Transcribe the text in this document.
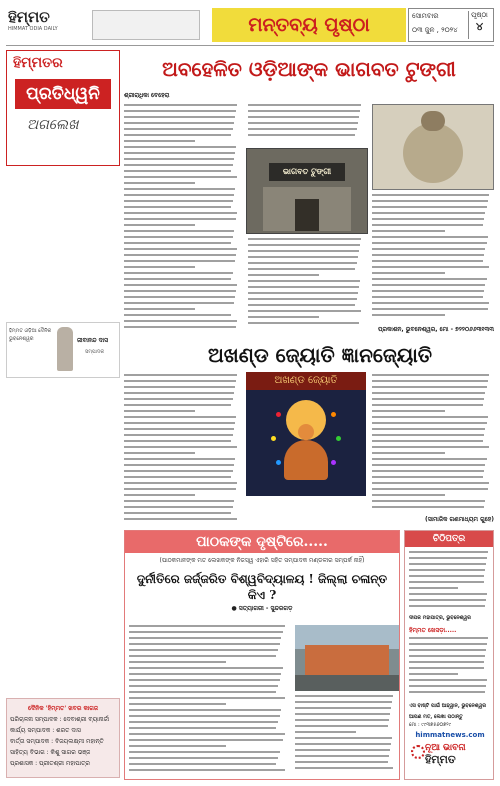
ହିମ୍ମତ
HIMMAT ODIA DAILY	ମନ୍ତବ୍ୟ ପୃଷ୍ଠା	ସୋମବାର
୦୩ ଜୁନ , ୨୦୨୪
ପୃଷ୍ଠା
୪
ହିମ୍ମତର
ପ୍ରତିଧ୍ୱନି
ଅଗଲେଖ
ହିମ୍ମତ ଓଡ଼ିଆ ଦୈନିକ ଭୁବନେଶ୍ୱର	ଜୀବାନନ୍ଦ ଦାସ
ସମ୍ପାଦକ
ଦୈନିକ 'ହିମ୍ମତ' ଖବର କାଗଜ
ପରିଚାଳନା ସମ୍ପାଦକ : ଦେବାଶ୍ରୀ ବ୍ୟାନାର୍ଜୀ
କାର୍ଯ୍ୟ ସମ୍ପାଦକ : ଶରତ ଦାସ
ବାର୍ତ୍ତା ସମ୍ପାଦକ : ବିଜୟଲକ୍ଷ୍ମୀ ମହାନ୍ତି
ସାହିତ୍ୟ ବିଭାଗ : କିଶୁ ସାଗର ଭଞ୍ଜ
ପ୍ରଶାସକ : ପ୍ରୀତଶ୍ରୀ ମହାପାତ୍ର
ଅବହେଳିତ ଓଡ଼ିଆଙ୍କ ଭାଗବତ ଟୁଙ୍ଗୀ
ଶ୍ରୀରାଧିକା ବେହେରା
ଭାଗବତ ଟୁଙ୍ଗୀ
ପ୍ରକାଶନ, ଭୁବନେଶ୍ୱର, ମୋ - ୭୨୨୦୬୬୩୧୩୩
ଅଖଣ୍ଡ ଜ୍ୟୋତି ଜ୍ଞାନଜ୍ୟୋତି
ଅଖଣ୍ଡ ଜ୍ୟୋତି
(ସାମାଜିକ ଗଣମାଧ୍ୟମ ଗୁହେ)
ପାଠକଙ୍କ ଦୃଷ୍ଟିରେ.....
(ପାଠକମାନଙ୍କ ମତ ଲେଖକଙ୍କ ନିଜସ୍ୱ ଏହାରି ସହିତ ସମ୍ପାଦକ ମଣ୍ଡଳୀର ସମ୍ପର୍କ ନାହିଁ)
ଦୁର୍ନୀତିରେ ଜର୍ଜ୍ଜରିତ ବିଶ୍ୱବିଦ୍ୟାଳୟ ! ଜିଲ୍ଲା ଚଳାନ୍ତ କିଏ ?
● ସତ୍ୟାଗରୀ - ସୁନ୍ଦରଗଡ଼
ଚିଠିପତ୍ର
ଦୀପକ ମହାପାତ୍ର, ଭୁବନେଶ୍ୱର
ହିମ୍ମତ ଖେସଡ଼ା.....
ଏସ ବାଷ୍ଟି ପାଇଁ ଆହ୍ୱାନ, ଭୁବନେଶ୍ୱର
ଆପଣ ମତ, ଲେଖା ପଠାନ୍ତୁ
ମୋ : ୯୯୩୭୫୬୦୭୨୯
himmatnews.com
ନୂଆ ଭାବନା
ହିମ୍ମତ
